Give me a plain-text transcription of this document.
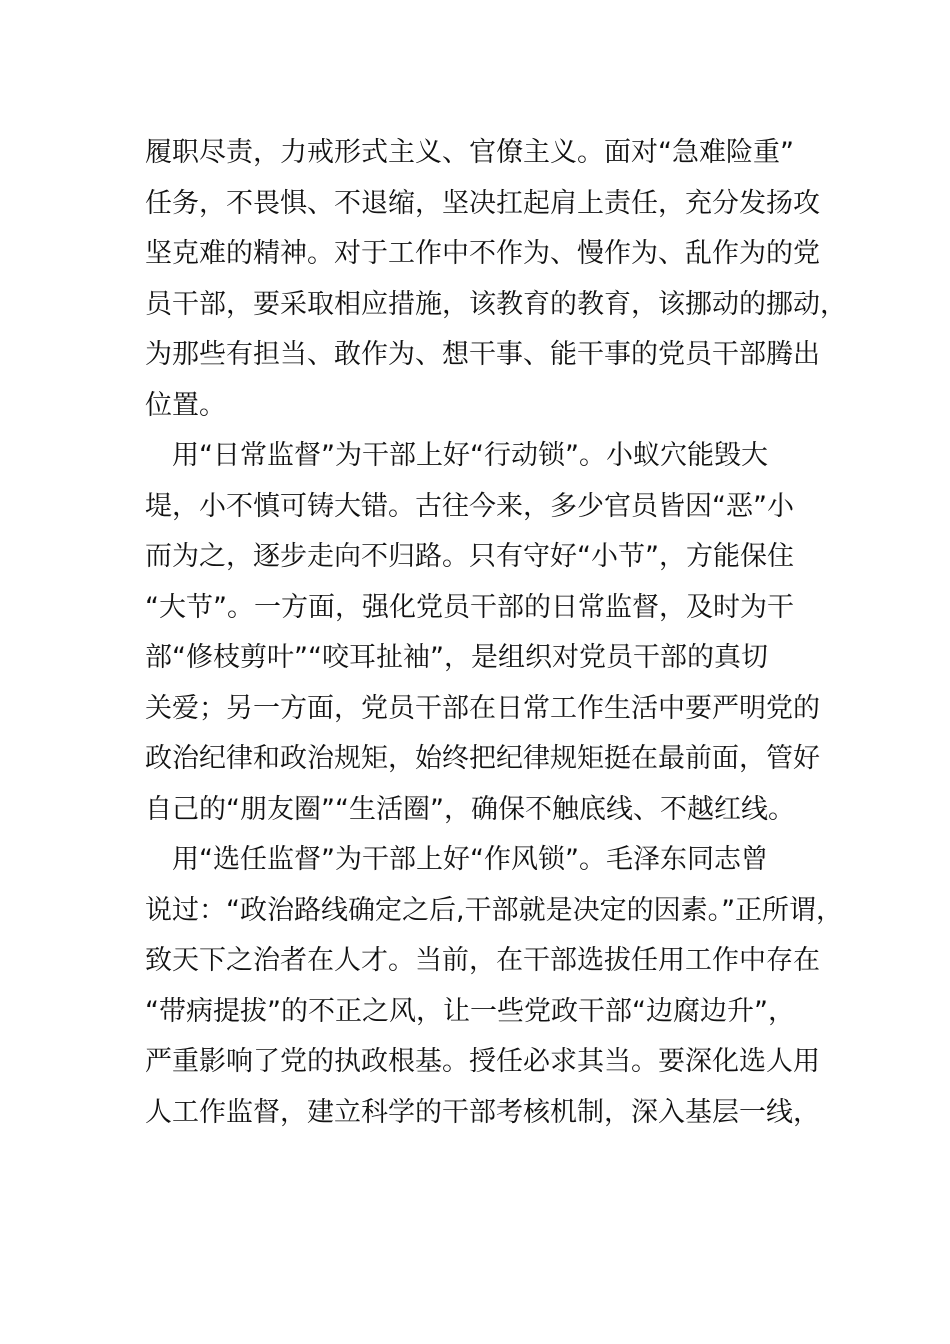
履职尽责，力戒形式主义、官僚主义。面对“急难险重”
任务，不畏惧、不退缩，坚决扛起肩上责任，充分发扬攻
坚克难的精神。对于工作中不作为、慢作为、乱作为的党
员干部，要采取相应措施，该教育的教育，该挪动的挪动，
为那些有担当、敢作为、想干事、能干事的党员干部腾出
位置。
　用“日常监督”为干部上好“行动锁”。小蚁穴能毁大
堤，小不慎可铸大错。古往今来，多少官员皆因“恶”小
而为之，逐步走向不归路。只有守好“小节”，方能保住
“大节”。一方面，强化党员干部的日常监督，及时为干
部“修枝剪叶”“咬耳扯袖”，是组织对党员干部的真切
关爱；另一方面，党员干部在日常工作生活中要严明党的
政治纪律和政治规矩，始终把纪律规矩挺在最前面，管好
自己的“朋友圈”“生活圈”，确保不触底线、不越红线。
　用“选任监督”为干部上好“作风锁”。毛泽东同志曾
说过：“政治路线确定之后,干部就是决定的因素。”正所谓，
致天下之治者在人才。当前，在干部选拔任用工作中存在
“带病提拔”的不正之风，让一些党政干部“边腐边升”，
严重影响了党的执政根基。授任必求其当。要深化选人用
人工作监督，建立科学的干部考核机制，深入基层一线，
